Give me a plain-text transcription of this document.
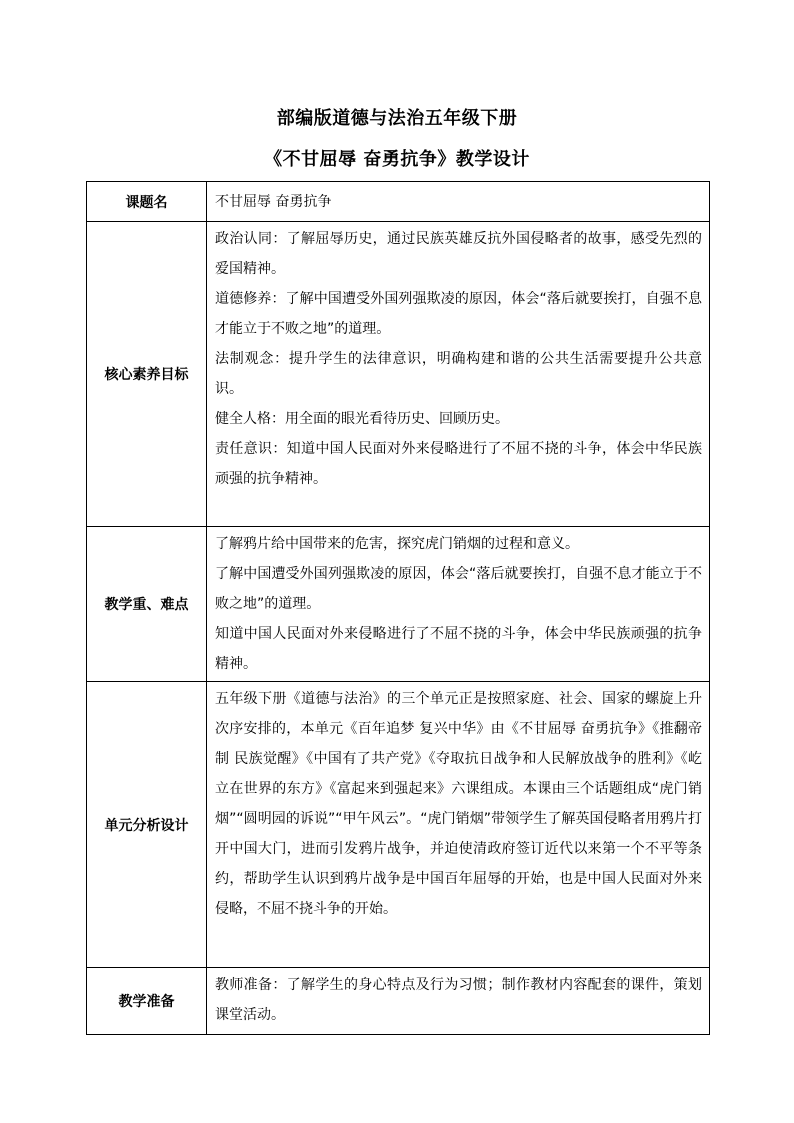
部编版道德与法治五年级下册
《不甘屈辱 奋勇抗争》教学设计
课题名	不甘屈辱 奋勇抗争

核心素养目标	政治认同：了解屈辱历史，通过民族英雄反抗外国侵略者的故事，感受先烈的爱国精神。
道德修养：了解中国遭受外国列强欺凌的原因，体会“落后就要挨打，自强不息才能立于不败之地”的道理。
法制观念：提升学生的法律意识，明确构建和谐的公共生活需要提升公共意识。
健全人格：用全面的眼光看待历史、回顾历史。
责任意识：知道中国人民面对外来侵略进行了不屈不挠的斗争，体会中华民族顽强的抗争精神。

教学重、难点	了解鸦片给中国带来的危害，探究虎门销烟的过程和意义。
了解中国遭受外国列强欺凌的原因，体会“落后就要挨打，自强不息才能立于不败之地”的道理。
知道中国人民面对外来侵略进行了不屈不挠的斗争，体会中华民族顽强的抗争精神。

单元分析设计	五年级下册《道德与法治》的三个单元正是按照家庭、社会、国家的螺旋上升次序安排的，本单元《百年追梦 复兴中华》由《不甘屈辱 奋勇抗争》《推翻帝制 民族觉醒》《中国有了共产党》《夺取抗日战争和人民解放战争的胜利》《屹立在世界的东方》《富起来到强起来》六课组成。本课由三个话题组成“虎门销烟”“圆明园的诉说”“甲午风云”。“虎门销烟”带领学生了解英国侵略者用鸦片打开中国大门，进而引发鸦片战争，并迫使清政府签订近代以来第一个不平等条约，帮助学生认识到鸦片战争是中国百年屈辱的开始，也是中国人民面对外来侵略，不屈不挠斗争的开始。

教学准备	教师准备：了解学生的身心特点及行为习惯；制作教材内容配套的课件，策划课堂活动。
